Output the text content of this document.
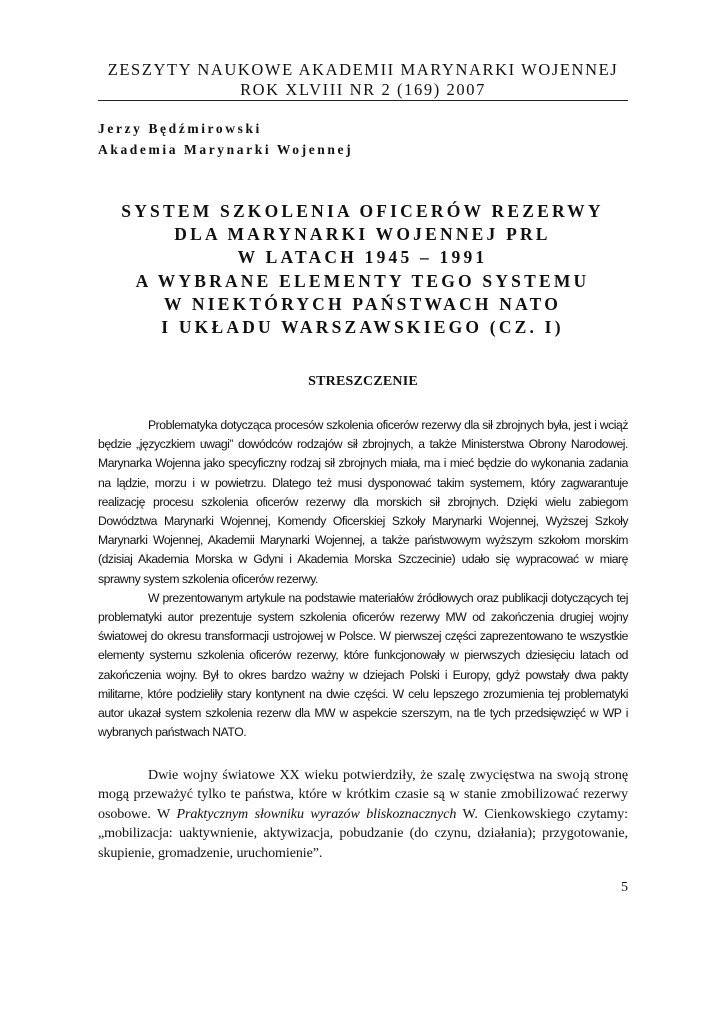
ZESZYTY NAUKOWE AKADEMII MARYNARKI WOJENNEJ
ROK XLVIII NR 2 (169) 2007
Jerzy Będźmirowski
Akademia Marynarki Wojennej
SYSTEM SZKOLENIA OFICERÓW REZERWY
DLA MARYNARKI WOJENNEJ PRL
W LATACH 1945 – 1991
A WYBRANE ELEMENTY TEGO SYSTEMU
W NIEKTÓRYCH PAŃSTWACH NATO
I UKŁADU WARSZAWSKIEGO (CZ. I)
STRESZCZENIE

Problematyka dotycząca procesów szkolenia oficerów rezerwy dla sił zbrojnych była, jest i wciąż będzie „języczkiem uwagi” dowódców rodzajów sił zbrojnych, a także Ministerstwa Obrony Narodowej. Marynarka Wojenna jako specyficzny rodzaj sił zbrojnych miała, ma i mieć będzie do wykonania zadania na lądzie, morzu i w powietrzu. Dlatego też musi dysponować takim systemem, który zagwarantuje realizację procesu szkolenia oficerów rezerwy dla morskich sił zbrojnych. Dzięki wielu zabiegom Dowództwa Marynarki Wojennej, Komendy Oficerskiej Szkoły Marynarki Wojennej, Wyższej Szkoły Marynarki Wojennej, Akademii Marynarki Wojennej, a także państwowym wyższym szkołom morskim (dzisiaj Akademia Morska w Gdyni i Akademia Morska Szczecinie) udało się wypracować w miarę sprawny system szkolenia oficerów rezerwy.

W prezentowanym artykule na podstawie materiałów źródłowych oraz publikacji dotyczących tej problematyki autor prezentuje system szkolenia oficerów rezerwy MW od zakończenia drugiej wojny światowej do okresu transformacji ustrojowej w Polsce. W pierwszej części zaprezentowano te wszystkie elementy systemu szkolenia oficerów rezerwy, które funkcjonowały w pierwszych dziesięciu latach od zakończenia wojny. Był to okres bardzo ważny w dziejach Polski i Europy, gdyż powstały dwa pakty militarne, które podzieliły stary kontynent na dwie części. W celu lepszego zrozumienia tej problematyki autor ukazał system szkolenia rezerw dla MW w aspekcie szerszym, na tle tych przedsięwzięć w WP i wybranych państwach NATO.

Dwie wojny światowe XX wieku potwierdziły, że szalę zwycięstwa na swoją stronę mogą przeważyć tylko te państwa, które w krótkim czasie są w stanie zmobilizować rezerwy osobowe. W Praktycznym słowniku wyrazów bliskoznacznych W. Cienkowskiego czytamy: „mobilizacja: uaktywnienie, aktywizacja, pobudzanie (do czynu, działania); przygotowanie, skupienie, gromadzenie, uruchomienie”.

5
